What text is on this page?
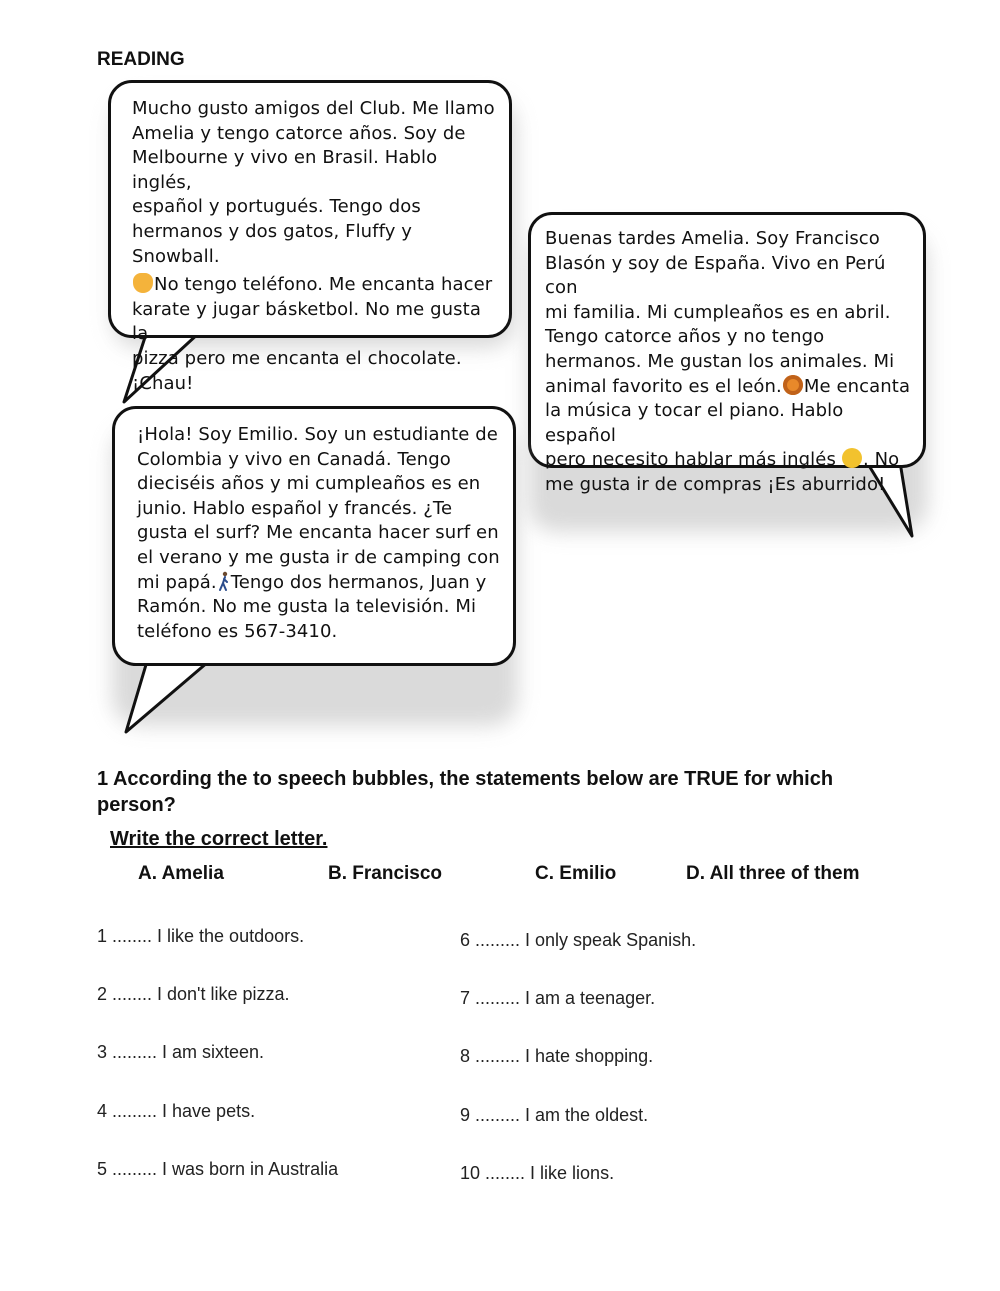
READING

Mucho gusto amigos del Club. Me llamo
Amelia y tengo catorce años. Soy de
Melbourne y vivo en Brasil. Hablo inglés,
español y portugués. Tengo dos
hermanos y dos gatos, Fluffy y Snowball.

No tengo teléfono. Me encanta hacer
karate y jugar básketbol. No me gusta la
pizza pero me encanta el chocolate.
¡Chau!

Buenas tardes Amelia. Soy Francisco
Blasón y soy de España. Vivo en Perú con
mi familia. Mi cumpleaños es en abril.
Tengo catorce años y no tengo
hermanos. Me gustan los animales. Mi
animal favorito es el león. Me encanta
la música y tocar el piano. Hablo español
pero necesito hablar más inglés . No
me gusta ir de compras ¡Es aburrido!

¡Hola! Soy Emilio. Soy un estudiante de
Colombia y vivo en Canadá. Tengo
dieciséis años y mi cumpleaños es en
junio. Hablo español y francés. ¿Te
gusta el surf? Me encanta hacer surf en
el verano y me gusta ir de camping con
mi papá. Tengo dos hermanos, Juan y
Ramón. No me gusta la televisión. Mi
teléfono es 567-3410.

1 According the to speech bubbles, the statements below are TRUE for which person?
Write the correct letter.
A. Amelia	B. Francisco	C. Emilio	D. All three of them
1 ........ I like the outdoors.
2 ........ I don't like pizza.
3 ......... I am sixteen.
4 ......... I have pets.
5 ......... I was born in Australia
6 ......... I only speak Spanish.
7 ......... I am a teenager.
8 ......... I hate shopping.
9 ......... I am the oldest.
10 ........ I like lions.
